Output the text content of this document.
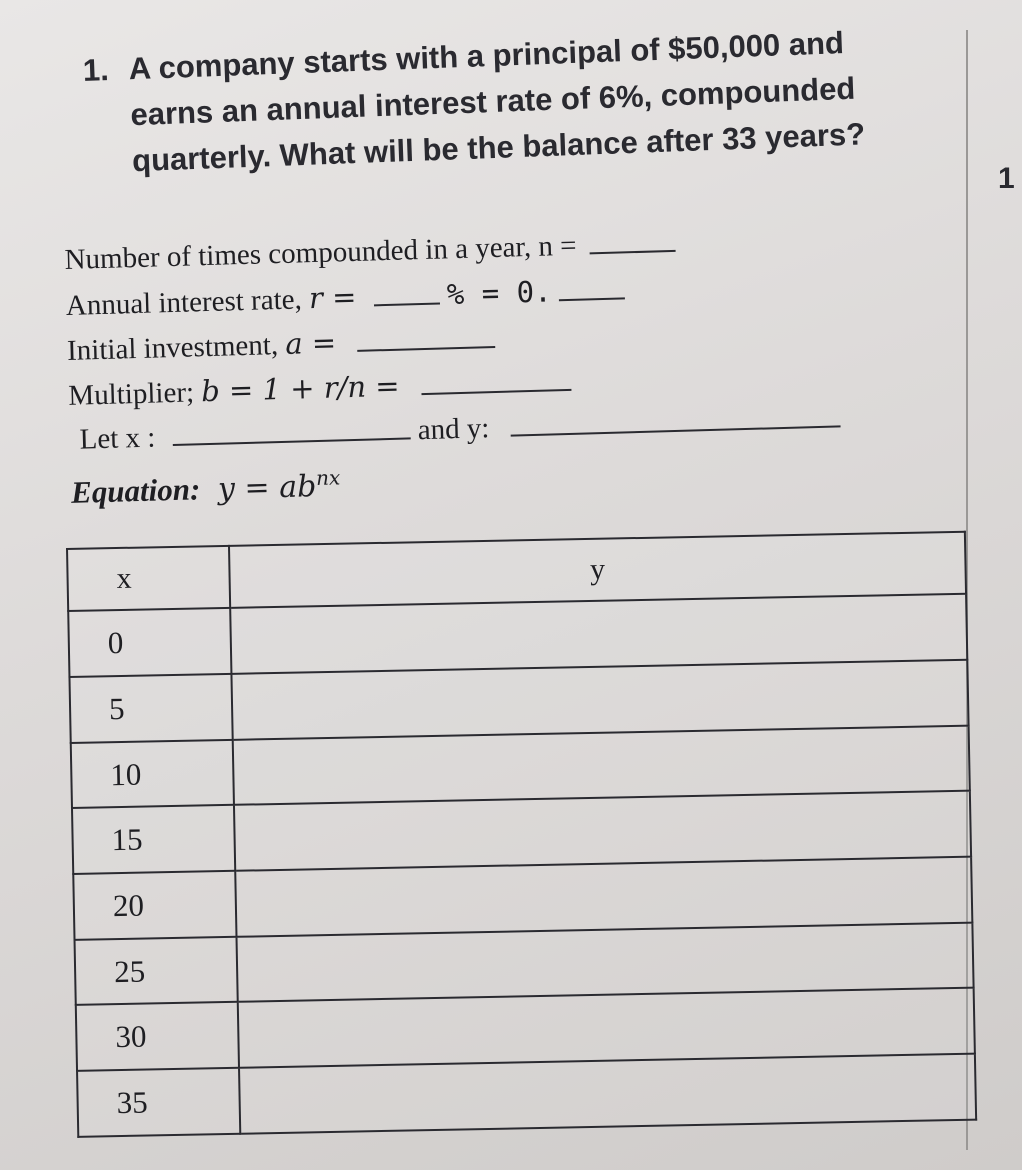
1. A company starts with a principal of $50,000 and
earns an annual interest rate of 6%, compounded
quarterly. What will be the balance after 33 years?
1
Number of times compounded in a year, n =
Annual interest rate, r =	% = 0.
Initial investment, a =
Multiplier; b = 1 + r/n =
Let x :	and y:
Equation: $y = ab^{nx}$
x	y
0	
5	
10	
15	
20	
25	
30	
35	
